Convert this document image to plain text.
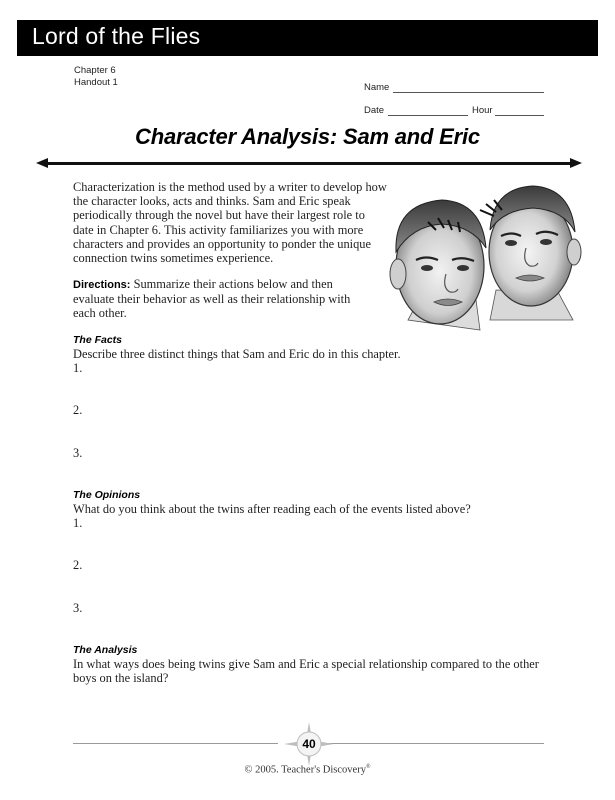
Lord of the Flies
Chapter 6
Handout 1	Name
Date	Hour
Character Analysis: Sam and Eric
Characterization is the method used by a writer to develop how
the character looks, acts and thinks. Sam and Eric speak periodically through the novel but have their largest role to date in Chapter 6. This activity familiarizes you with more characters and provides an opportunity to ponder the unique connection twins sometimes experience.
Directions: Summarize their actions below and then evaluate their behavior as well as their relationship with each other.
The Facts
Describe three distinct things that Sam and Eric do in this chapter.
1.
2.
3.
The Opinions
What do you think about the twins after reading each of the events listed above?
1.
2.
3.
The Analysis
In what ways does being twins give Sam and Eric a special relationship compared to the other boys on the island?
40
© 2005. Teacher's Discovery®
